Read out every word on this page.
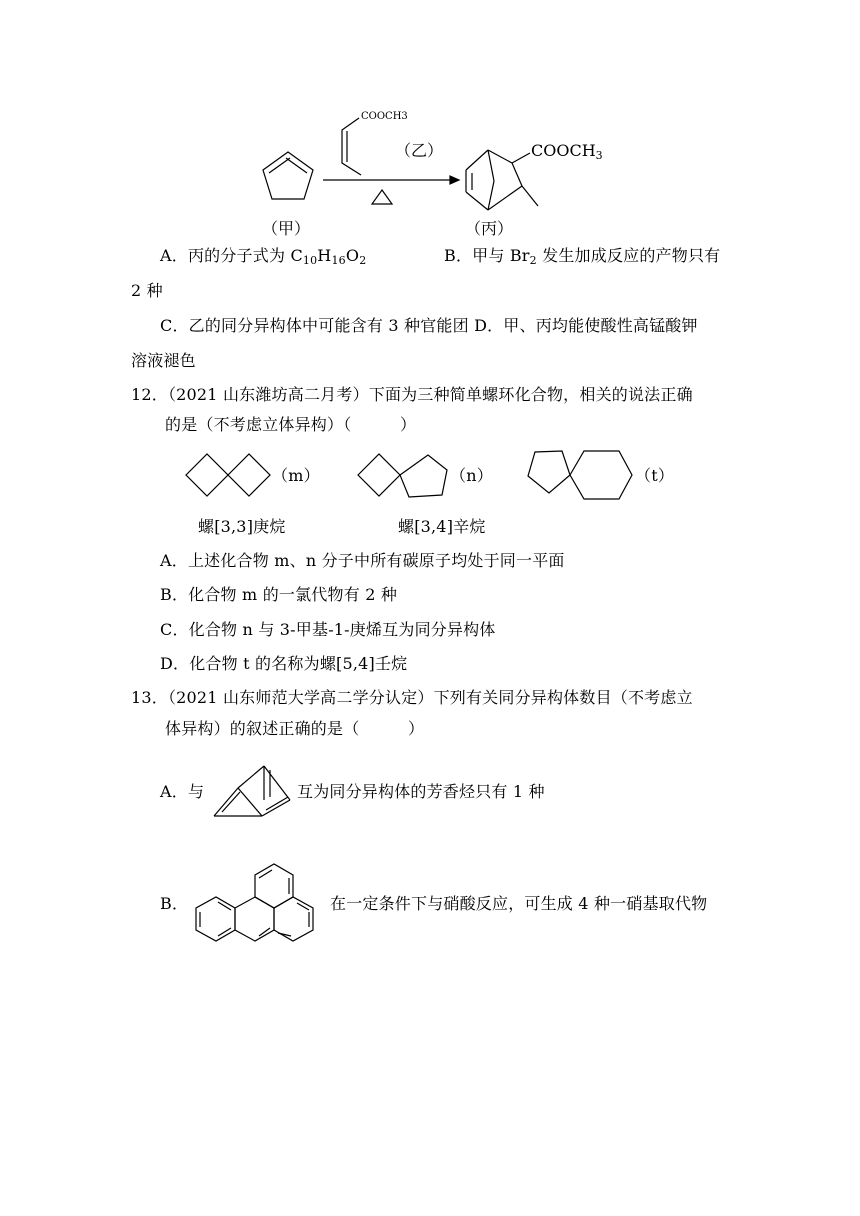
COOCH3
（乙）	$COOCH_3$
（甲）	（丙）
A．丙的分子式为 $C_{10}H_{16}O_2$	B．甲与 $Br_2$ 发生加成反应的产物只有
2 种
C．乙的同分异构体中可能含有 3 种官能团 D．甲、丙均能使酸性高锰酸钾
溶液褪色
12．（2021 山东潍坊高二月考）下面为三种简单螺环化合物，相关的说法正确
的是（不考虑立体异构）（　　　）
（m）	（n）	（t）
螺[3,3]庚烷	螺[3,4]辛烷
A．上述化合物 m、n 分子中所有碳原子均处于同一平面
B．化合物 m 的一氯代物有 2 种
C．化合物 n 与 3-甲基-1-庚烯互为同分异构体
D．化合物 t 的名称为螺[5,4]壬烷
13．（2021 山东师范大学高二学分认定）下列有关同分异构体数目（不考虑立
体异构）的叙述正确的是（　　　）
A．与	互为同分异构体的芳香烃只有 1 种
B．	在一定条件下与硝酸反应，可生成 4 种一硝基取代物
